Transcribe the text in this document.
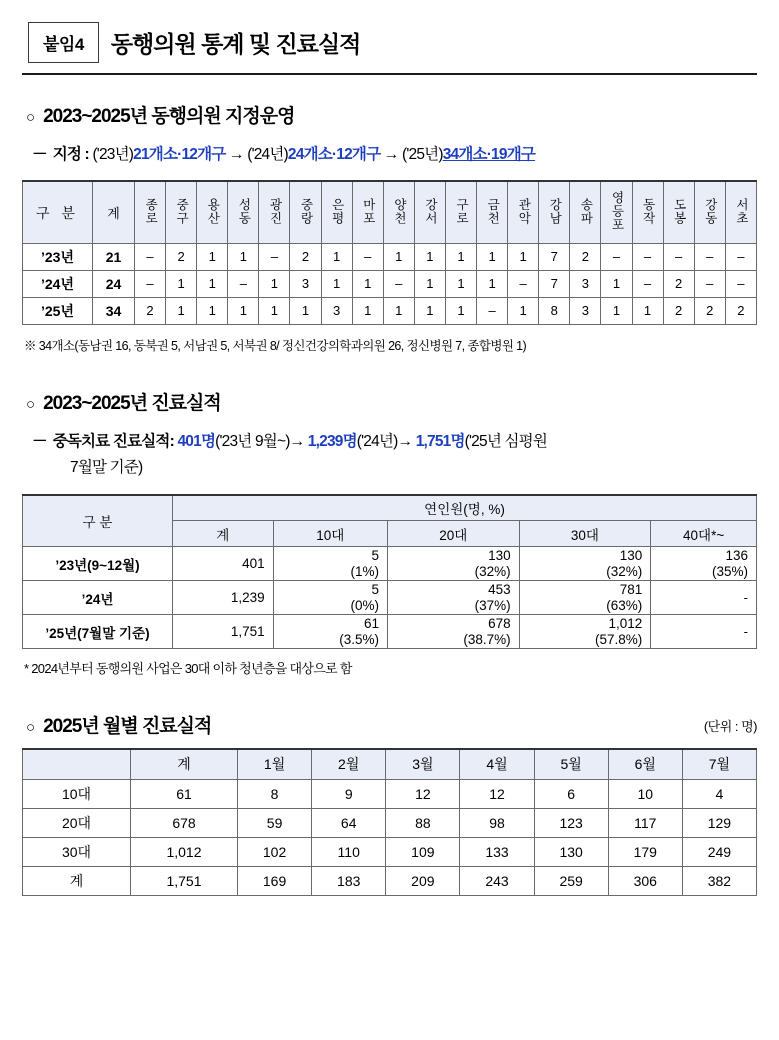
붙임4	동행의원 통계 및 진료실적
○ 2023~2025년 동행의원 지정운영
－ 지정 : ('23년)21개소·12개구 → ('24년)24개소·12개구 → ('25년)34개소·19개구
구 분	계	종로	중구	용산	성동	광진	중랑	은평	마포	양천	강서	구로	금천	관악	강남	송파	영등포	동작	도봉	강동	서초
’23년	21	–	2	1	1	–	2	1	–	1	1	1	1	1	7	2	–	–	–	–	–
’24년	24	–	1	1	–	1	3	1	1	–	1	1	1	–	7	3	1	–	2	–	–
’25년	34	2	1	1	1	1	1	3	1	1	1	1	–	1	8	3	1	1	2	2	2
※ 34개소(동남권 16, 동북권 5, 서남권 5, 서북권 8/ 정신건강의학과의원 26, 정신병원 7, 종합병원 1)
○ 2023~2025년 진료실적
－ 중독치료 진료실적: 401명('23년 9월~)→ 1,239명('24년)→ 1,751명('25년 심평원
7월말 기준)
구 분	연인원(명, %)				
	계	10대	20대	30대	40대*~
’23년(9~12월)	401	5
(1%)	130
(32%)	130
(32%)	136
(35%)

’24년	1,239	5
(0%)	453
(37%)	781
(63%)	-
’25년(7월말 기준)	1,751	61
(3.5%)	678
(38.7%)	1,012
(57.8%)	-
* 2024년부터 동행의원 사업은 30대 이하 청년층을 대상으로 함
○ 2025년 월별 진료실적	(단위 : 명)
	계	1월	2월	3월	4월	5월	6월	7월
10대	61	8	9	12	12	6	10	4
20대	678	59	64	88	98	123	117	129
30대	1,012	102	110	109	133	130	179	249
계	1,751	169	183	209	243	259	306	382
